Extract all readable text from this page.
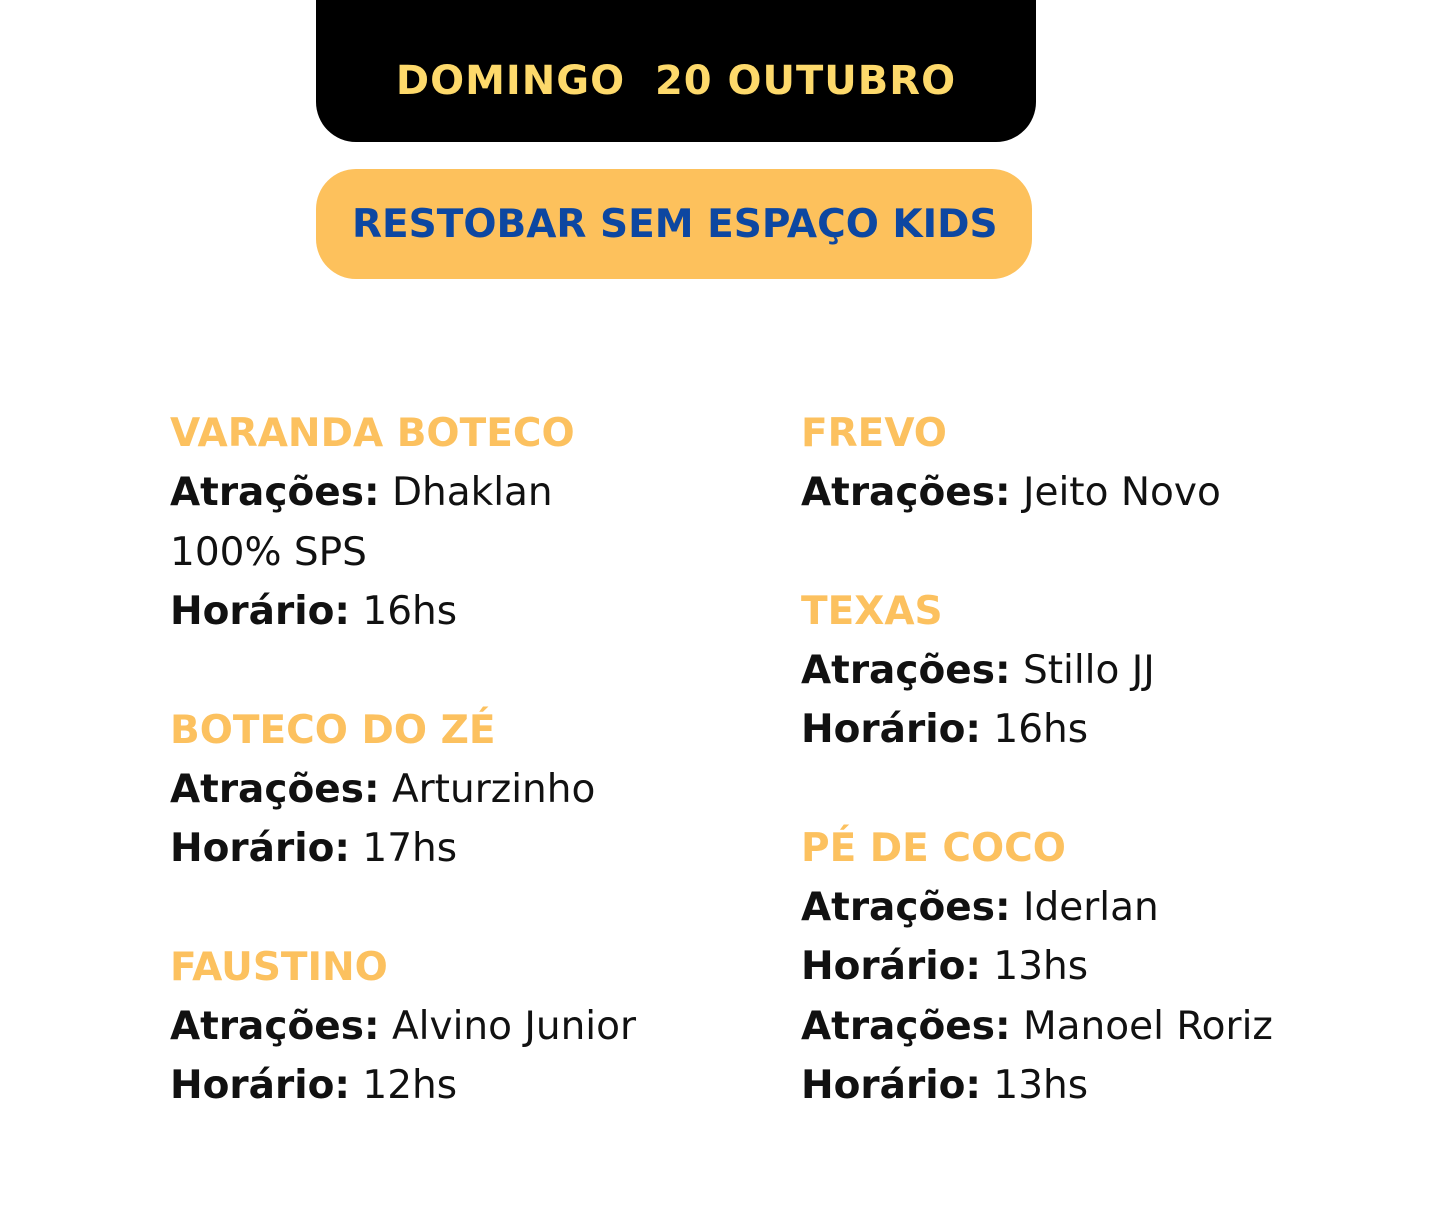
DOMINGO  20 OUTUBRO
RESTOBAR SEM ESPAÇO KIDS
VARANDA BOTECO
Atrações: Dhaklan
100% SPS
Horário: 16hs
BOTECO DO ZÉ
Atrações: Arturzinho
Horário: 17hs
FAUSTINO
Atrações: Alvino Junior
Horário: 12hs
FREVO
Atrações: Jeito Novo
TEXAS
Atrações: Stillo JJ
Horário: 16hs
PÉ DE COCO
Atrações: Iderlan
Horário: 13hs
Atrações: Manoel Roriz
Horário: 13hs
